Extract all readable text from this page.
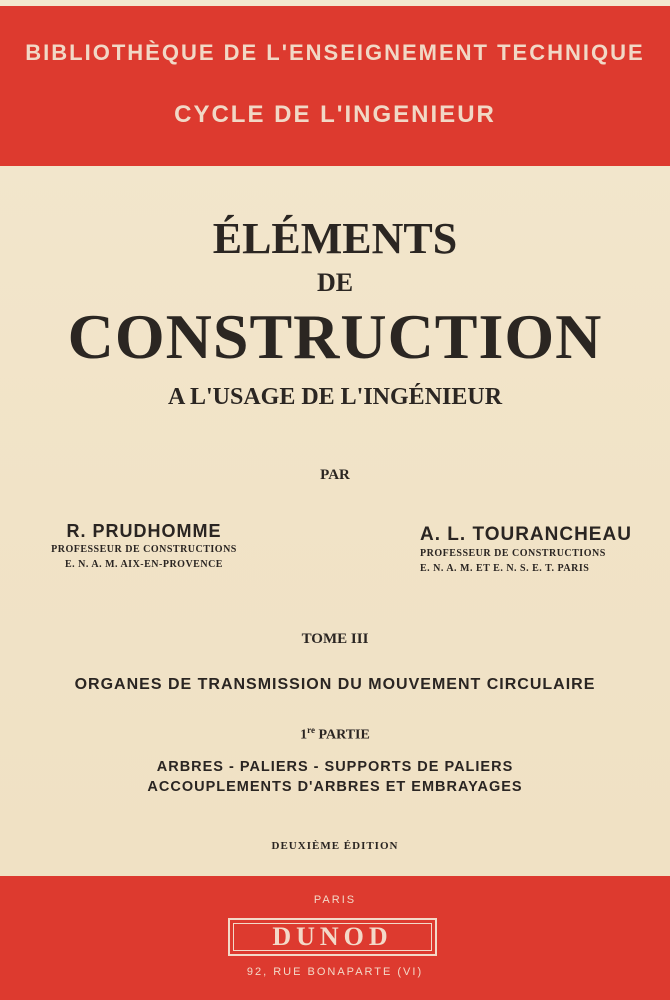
BIBLIOTHÈQUE DE L'ENSEIGNEMENT TECHNIQUE
CYCLE DE L'INGENIEUR
ÉLÉMENTS
DE
CONSTRUCTION
A L'USAGE DE L'INGÉNIEUR
PAR
R. PRUDHOMME
PROFESSEUR DE CONSTRUCTIONS
E. N. A. M. AIX-EN-PROVENCE
A. L. TOURANCHEAU
PROFESSEUR DE CONSTRUCTIONS
E. N. A. M. ET E. N. S. E. T. PARIS
TOME III
ORGANES DE TRANSMISSION DU MOUVEMENT CIRCULAIRE
1re PARTIE
ARBRES - PALIERS - SUPPORTS DE PALIERS
ACCOUPLEMENTS D'ARBRES ET EMBRAYAGES
DEUXIÈME ÉDITION
PARIS
DUNOD
92, RUE BONAPARTE (VI)
